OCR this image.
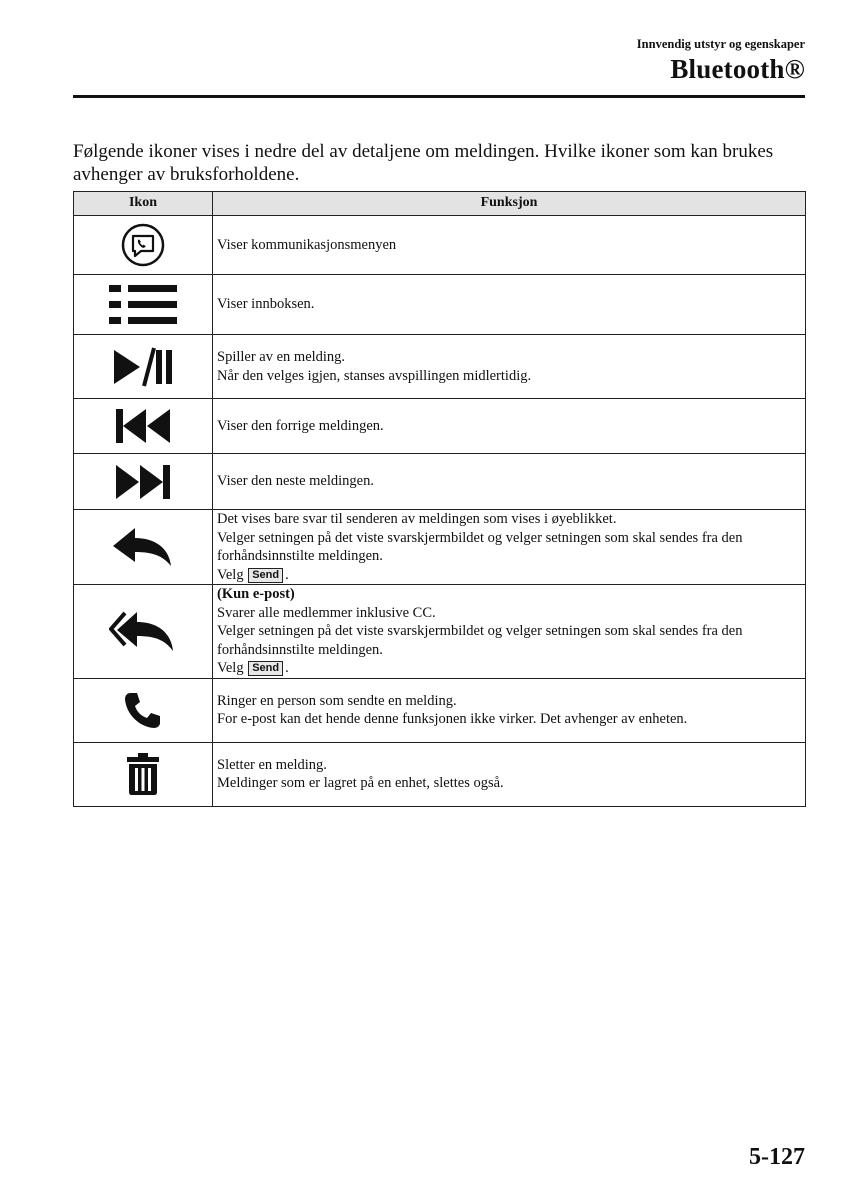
Innvendig utstyr og egenskaper
Bluetooth®
Følgende ikoner vises i nedre del av detaljene om meldingen. Hvilke ikoner som kan brukes avhenger av bruksforholdene.
Ikon	Funksjon

Viser kommunikasjonsmenyen

Viser innboksen.

Spiller av en melding.
Når den velges igjen, stanses avspillingen midlertidig.

Viser den forrige meldingen.

Viser den neste meldingen.

Det vises bare svar til senderen av meldingen som vises i øyeblikket.
Velger setningen på det viste svarskjermbildet og velger setningen som skal sendes fra den forhåndsinnstilte meldingen.
Velg Send .

(Kun e-post)
Svarer alle medlemmer inklusive CC.
Velger setningen på det viste svarskjermbildet og velger setningen som skal sendes fra den forhåndsinnstilte meldingen.
Velg Send .

Ringer en person som sendte en melding.
For e-post kan det hende denne funksjonen ikke virker. Det avhenger av enheten.

Sletter en melding.
Meldinger som er lagret på en enhet, slettes også.
5-127
